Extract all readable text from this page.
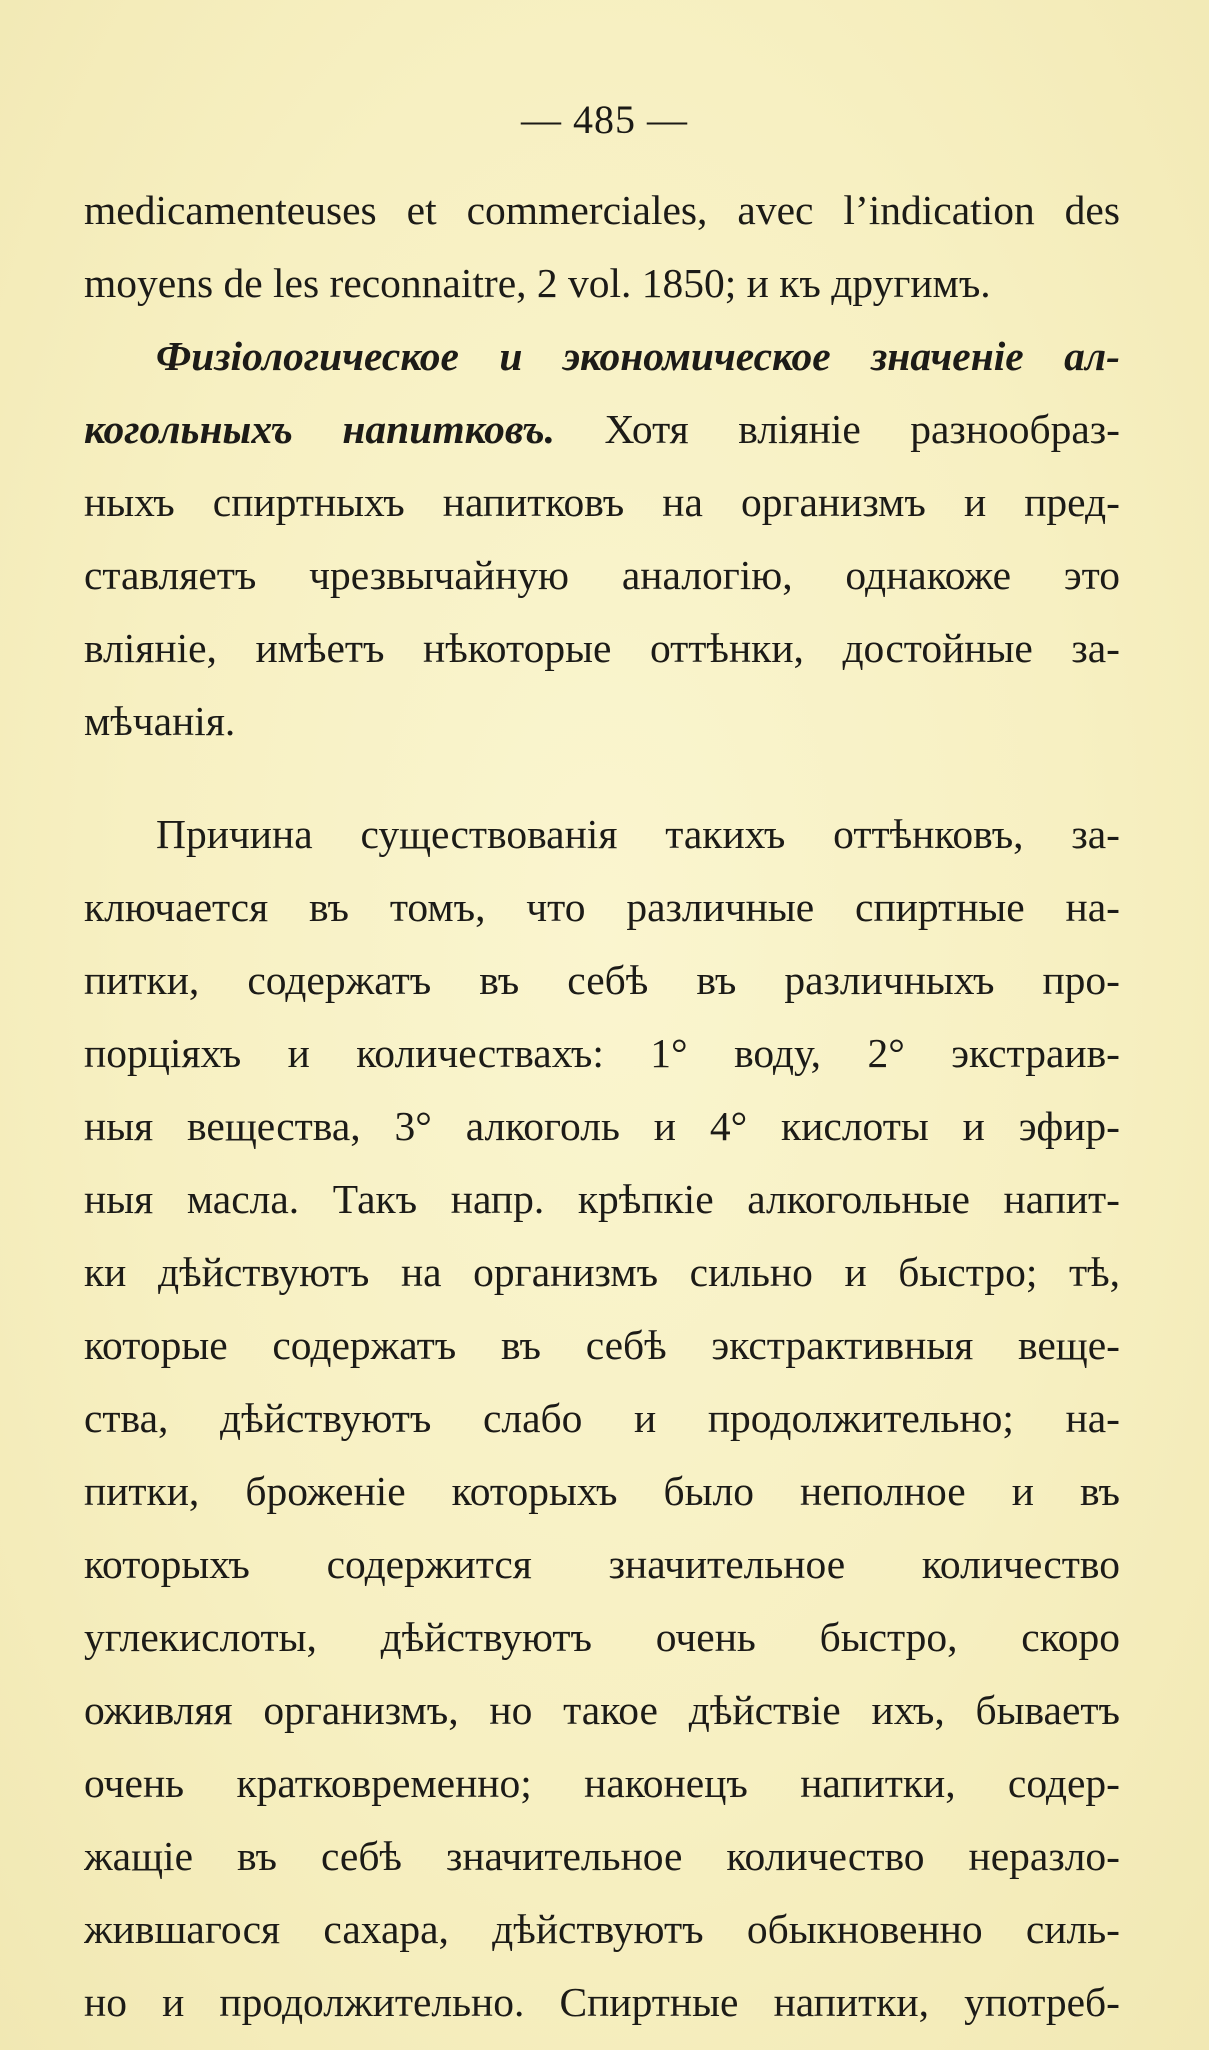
— 485 —
medicamenteuses et commerciales, avec l’indication des
moyens de les reconnaitre, 2 vol. 1850; и къ другимъ.
Физiологическое и экономическое значенiе ал-
когольныхъ напитковъ. Хотя влiянiе разнообраз-
ныхъ спиртныхъ напитковъ на организмъ и пред-
ставляетъ чрезвычайную аналогiю, однакоже это
влiянiе, имѣетъ нѣкоторые оттѣнки, достойные за-
мѣчанiя.
Причина существованiя такихъ оттѣнковъ, за-
ключается въ томъ, что различные спиртные на-
питки, содержатъ въ себѣ въ различныхъ про-
порцiяхъ и количествахъ: 1° воду, 2° экстраив-
ныя вещества, 3° алкоголь и 4° кислоты и эфир-
ныя масла. Такъ напр. крѣпкiе алкогольные напит-
ки дѣйствуютъ на организмъ сильно и быстро; тѣ,
которые содержатъ въ себѣ экстрактивныя веще-
ства, дѣйствуютъ слабо и продолжительно; на-
питки, броженiе которыхъ было неполное и въ
которыхъ содержится значительное количество
углекислоты, дѣйствуютъ очень быстро, скоро
оживляя организмъ, но такое дѣйствiе ихъ, бываетъ
очень кратковременно; наконецъ напитки, содер-
жащiе въ себѣ значительное количество неразло-
жившагося сахара, дѣйствуютъ обыкновенно силь-
но и продолжительно. Спиртные напитки, употреб-
